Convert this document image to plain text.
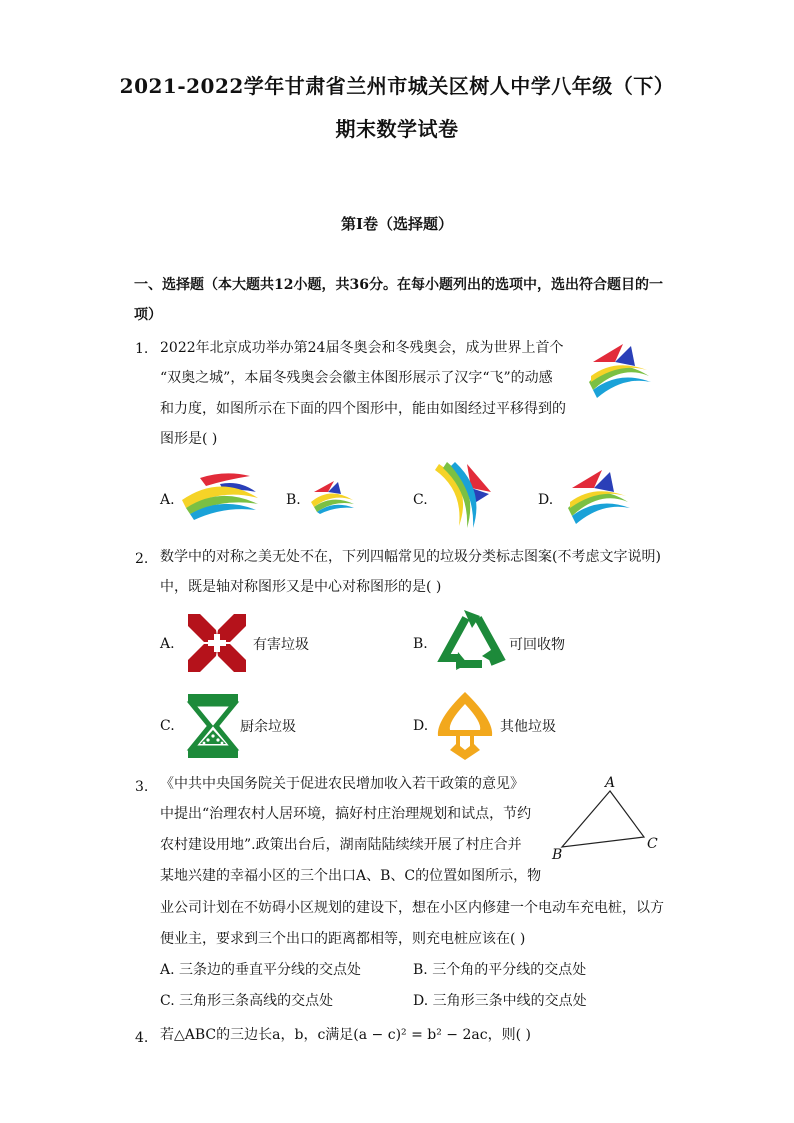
2021-2022学年甘肃省兰州市城关区树人中学八年级（下）
期末数学试卷
第Ⅰ卷（选择题）
一、选择题（本大题共12小题，共36分。在每小题列出的选项中，选出符合题目的一
项）
1. 2022年北京成功举办第24届冬奥会和冬残奥会，成为世界上首个
“双奥之城”，本届冬残奥会会徽主体图形展示了汉字“飞”的动感
和力度，如图所示在下面的四个图形中，能由如图经过平移得到的
图形是( )
A.	B.	C.	D.
2. 数学中的对称之美无处不在，下列四幅常见的垃圾分类标志图案(不考虑文字说明)
中，既是轴对称图形又是中心对称图形的是( )
A.	有害垃圾	B.	可回收物
C.	厨余垃圾	D.	其他垃圾
3. 《中共中央国务院关于促进农民增加收入若干政策的意见》
中提出“治理农村人居环境，搞好村庄治理规划和试点，节约
农村建设用地”.政策出台后，湖南陆陆续续开展了村庄合并
某地兴建的幸福小区的三个出口A、B、C的位置如图所示，物
业公司计划在不妨碍小区规划的建设下，想在小区内修建一个电动车充电桩，以方
便业主，要求到三个出口的距离都相等，则充电桩应该在( )
A
B
C
A. 三条边的垂直平分线的交点处	B. 三个角的平分线的交点处
C. 三角形三条高线的交点处	D. 三角形三条中线的交点处
4. 若△ABC的三边长a，b，c满足(a − c)² = b² − 2ac，则( )
